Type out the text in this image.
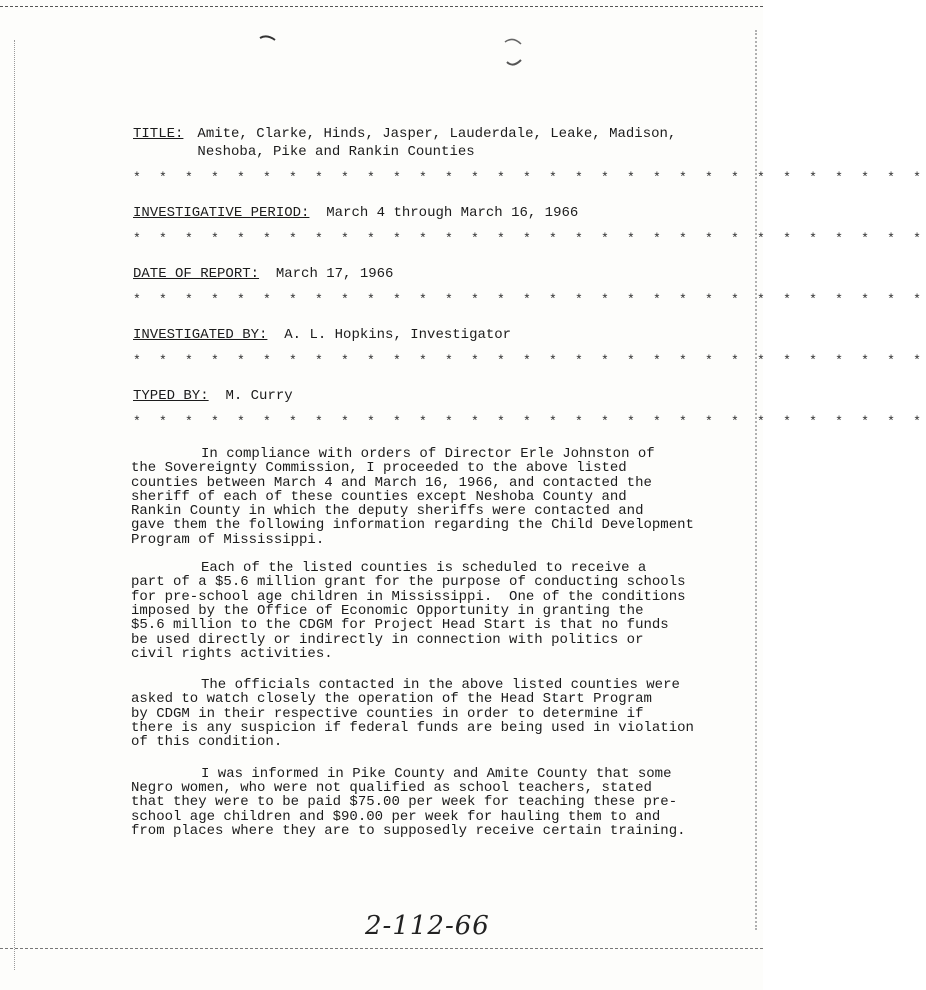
TITLE: Amite, Clarke, Hinds, Jasper, Lauderdale, Leake, Madison,
Neshoba, Pike and Rankin Counties
* * * * * * * * * * * * * * * * * * * * * * * * * * * * * * *

INVESTIGATIVE PERIOD: March 4 through March 16, 1966

* * * * * * * * * * * * * * * * * * * * * * * * * * * * * * *

DATE OF REPORT: March 17, 1966

* * * * * * * * * * * * * * * * * * * * * * * * * * * * * * *

INVESTIGATED BY: A. L. Hopkins, Investigator

* * * * * * * * * * * * * * * * * * * * * * * * * * * * * * *

TYPED BY: M. Curry

* * * * * * * * * * * * * * * * * * * * * * * * * * * * * * *
In compliance with orders of Director Erle Johnston of
the Sovereignty Commission, I proceeded to the above listed
counties between March 4 and March 16, 1966, and contacted the
sheriff of each of these counties except Neshoba County and
Rankin County in which the deputy sheriffs were contacted and
gave them the following information regarding the Child Development
Program of Mississippi.
Each of the listed counties is scheduled to receive a
part of a $5.6 million grant for the purpose of conducting schools
for pre-school age children in Mississippi.  One of the conditions
imposed by the Office of Economic Opportunity in granting the
$5.6 million to the CDGM for Project Head Start is that no funds
be used directly or indirectly in connection with politics or
civil rights activities.
The officials contacted in the above listed counties were
asked to watch closely the operation of the Head Start Program
by CDGM in their respective counties in order to determine if
there is any suspicion if federal funds are being used in violation
of this condition.
I was informed in Pike County and Amite County that some
Negro women, who were not qualified as school teachers, stated
that they were to be paid $75.00 per week for teaching these pre-
school age children and $90.00 per week for hauling them to and
from places where they are to supposedly receive certain training.
2-112-66
